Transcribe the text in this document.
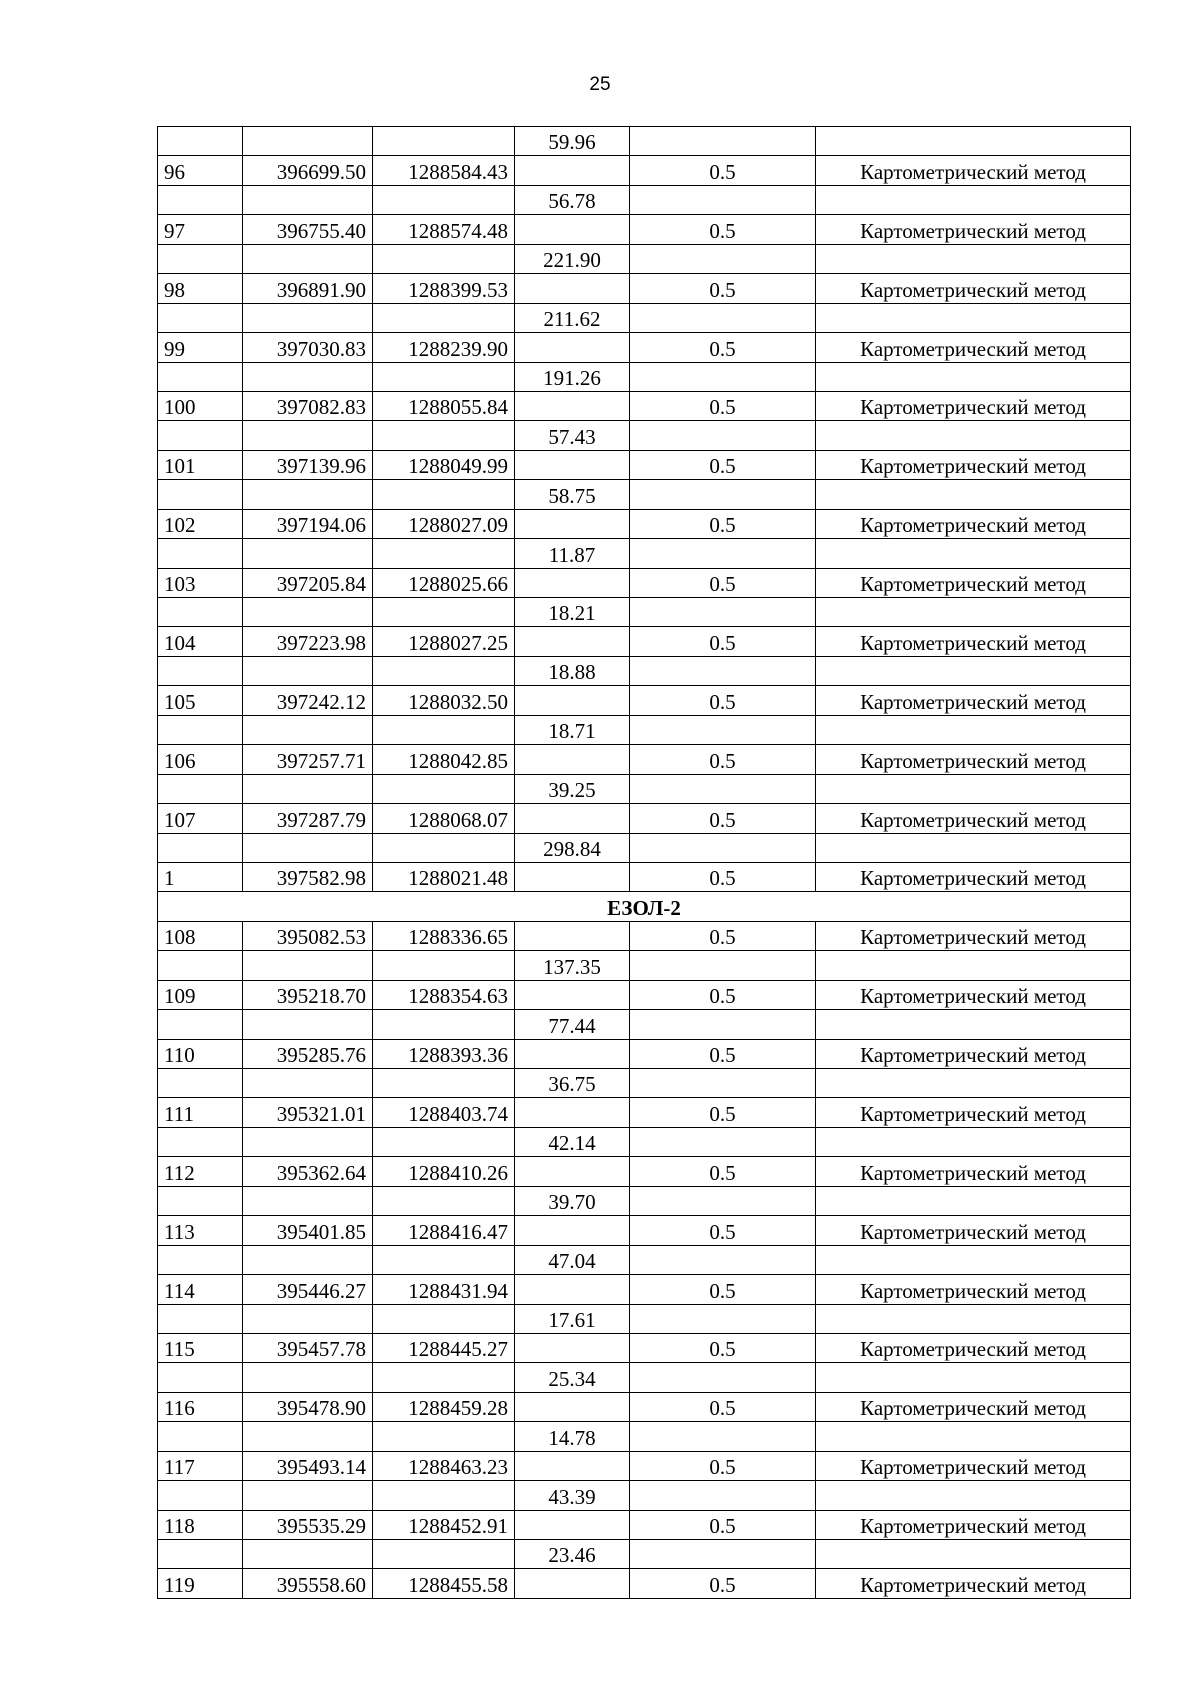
25
			59.96		
96	396699.50	1288584.43		0.5	Картометрический метод
			56.78		
97	396755.40	1288574.48		0.5	Картометрический метод
			221.90		
98	396891.90	1288399.53		0.5	Картометрический метод
			211.62		
99	397030.83	1288239.90		0.5	Картометрический метод
			191.26		
100	397082.83	1288055.84		0.5	Картометрический метод
			57.43		
101	397139.96	1288049.99		0.5	Картометрический метод
			58.75		
102	397194.06	1288027.09		0.5	Картометрический метод
			11.87		
103	397205.84	1288025.66		0.5	Картометрический метод
			18.21		
104	397223.98	1288027.25		0.5	Картометрический метод
			18.88		
105	397242.12	1288032.50		0.5	Картометрический метод
			18.71		
106	397257.71	1288042.85		0.5	Картометрический метод
			39.25		
107	397287.79	1288068.07		0.5	Картометрический метод
			298.84		
1	397582.98	1288021.48		0.5	Картометрический метод
ЕЗОЛ-2					
108	395082.53	1288336.65		0.5	Картометрический метод
			137.35		
109	395218.70	1288354.63		0.5	Картометрический метод
			77.44		
110	395285.76	1288393.36		0.5	Картометрический метод
			36.75		
111	395321.01	1288403.74		0.5	Картометрический метод
			42.14		
112	395362.64	1288410.26		0.5	Картометрический метод
			39.70		
113	395401.85	1288416.47		0.5	Картометрический метод
			47.04		
114	395446.27	1288431.94		0.5	Картометрический метод
			17.61		
115	395457.78	1288445.27		0.5	Картометрический метод
			25.34		
116	395478.90	1288459.28		0.5	Картометрический метод
			14.78		
117	395493.14	1288463.23		0.5	Картометрический метод
			43.39		
118	395535.29	1288452.91		0.5	Картометрический метод
			23.46		
119	395558.60	1288455.58		0.5	Картометрический метод
